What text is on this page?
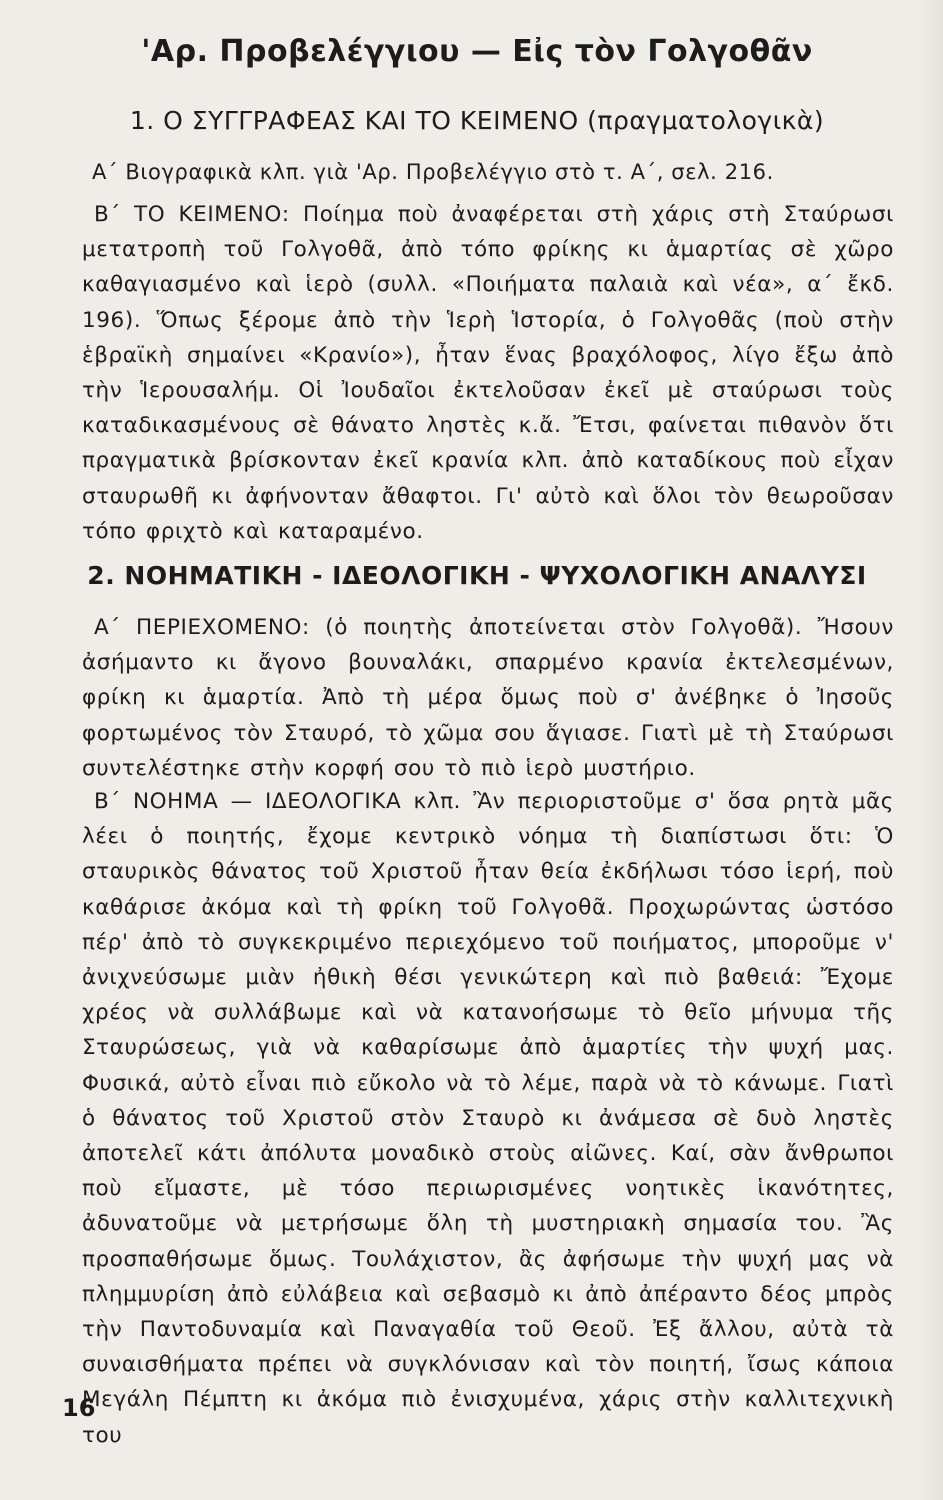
'Αρ. Προβελέγγιου — Εἰς τὸν Γολγοθᾶν
1. Ο ΣΥΓΓΡΑΦΕΑΣ ΚΑΙ ΤΟ ΚΕΙΜΕΝΟ (πραγματολογικὰ)
Α΄ Βιογραφικὰ κλπ. γιὰ 'Αρ. Προβελέγγιο στὸ τ. Α΄, σελ. 216.

Β΄ ΤΟ ΚΕΙΜΕΝΟ: Ποίημα ποὺ ἀναφέρεται στὴ χάρις στὴ Σταύρωσι μετατροπὴ τοῦ Γολγοθᾶ, ἀπὸ τόπο φρίκης κι ἁμαρτίας σὲ χῶρο καθαγιασμένο καὶ ἱερὸ (συλλ. «Ποιήματα παλαιὰ καὶ νέα», α΄ ἔκδ. 196). Ὅπως ξέρομε ἀπὸ τὴν Ἱερὴ Ἱστορία, ὁ Γολγοθᾶς (ποὺ στὴν ἑβραϊκὴ σημαίνει «Κρανίο»), ἦταν ἕνας βραχόλοφος, λίγο ἔξω ἀπὸ τὴν Ἱερουσαλήμ. Οἱ Ἰουδαῖοι ἐκτελοῦσαν ἐκεῖ μὲ σταύρωσι τοὺς καταδικασμένους σὲ θάνατο ληστὲς κ.ἄ. Ἔτσι, φαίνεται πιθανὸν ὅτι πραγματικὰ βρίσκονταν ἐκεῖ κρανία κλπ. ἀπὸ καταδίκους ποὺ εἶχαν σταυρωθῆ κι ἀφήνονταν ἄθαφτοι. Γι' αὐτὸ καὶ ὅλοι τὸν θεωροῦσαν τόπο φριχτὸ καὶ καταραμένο.

2. ΝΟΗΜΑΤΙΚΗ - ΙΔΕΟΛΟΓΙΚΗ - ΨΥΧΟΛΟΓΙΚΗ ΑΝΑΛΥΣΙ

Α΄ ΠΕΡΙΕΧΟΜΕΝΟ: (ὁ ποιητὴς ἀποτείνεται στὸν Γολγοθᾶ). Ἤσουν ἀσήμαντο κι ἄγονο βουναλάκι, σπαρμένο κρανία ἐκτελεσμένων, φρίκη κι ἁμαρτία. Ἀπὸ τὴ μέρα ὅμως ποὺ σ' ἀνέβηκε ὁ Ἰησοῦς φορτωμένος τὸν Σταυρό, τὸ χῶμα σου ἅγιασε. Γιατὶ μὲ τὴ Σταύρωσι συντελέστηκε στὴν κορφή σου τὸ πιὸ ἱερὸ μυστήριο.

Β΄ ΝΟΗΜΑ — ΙΔΕΟΛΟΓΙΚΑ κλπ. Ἂν περιοριστοῦμε σ' ὅσα ρητὰ μᾶς λέει ὁ ποιητής, ἔχομε κεντρικὸ νόημα τὴ διαπίστωσι ὅτι: Ὁ σταυρικὸς θάνατος τοῦ Χριστοῦ ἦταν θεία ἐκδήλωσι τόσο ἱερή, ποὺ καθάρισε ἀκόμα καὶ τὴ φρίκη τοῦ Γολγοθᾶ. Προχωρώντας ὡστόσο πέρ' ἀπὸ τὸ συγκεκριμένο περιεχόμενο τοῦ ποιήματος, μποροῦμε ν' ἀνιχνεύσωμε μιὰν ἠθικὴ θέσι γενικώτερη καὶ πιὸ βαθειά: Ἔχομε χρέος νὰ συλλάβωμε καὶ νὰ κατανοήσωμε τὸ θεῖο μήνυμα τῆς Σταυρώσεως, γιὰ νὰ καθαρίσωμε ἀπὸ ἁμαρτίες τὴν ψυχή μας. Φυσικά, αὐτὸ εἶναι πιὸ εὔκολο νὰ τὸ λέμε, παρὰ νὰ τὸ κάνωμε. Γιατὶ ὁ θάνατος τοῦ Χριστοῦ στὸν Σταυρὸ κι ἀνάμεσα σὲ δυὸ ληστὲς ἀποτελεῖ κάτι ἀπόλυτα μοναδικὸ στοὺς αἰῶνες. Καί, σὰν ἄνθρωποι ποὺ εἴμαστε, μὲ τόσο περιωρισμένες νοητικὲς ἱκανότητες, ἀδυνατοῦμε νὰ μετρήσωμε ὅλη τὴ μυστηριακὴ σημασία του. Ἂς προσπαθήσωμε ὅμως. Τουλάχιστον, ἂς ἀφήσωμε τὴν ψυχή μας νὰ πλημμυρίση ἀπὸ εὐλάβεια καὶ σεβασμὸ κι ἀπὸ ἀπέραντο δέος μπρὸς τὴν Παντοδυναμία καὶ Παναγαθία τοῦ Θεοῦ. Ἐξ ἄλλου, αὐτὰ τὰ συναισθήματα πρέπει νὰ συγκλόνισαν καὶ τὸν ποιητή, ἴσως κάποια Μεγάλη Πέμπτη κι ἀκόμα πιὸ ἐνισχυμένα, χάρις στὴν καλλιτεχνικὴ του

16
